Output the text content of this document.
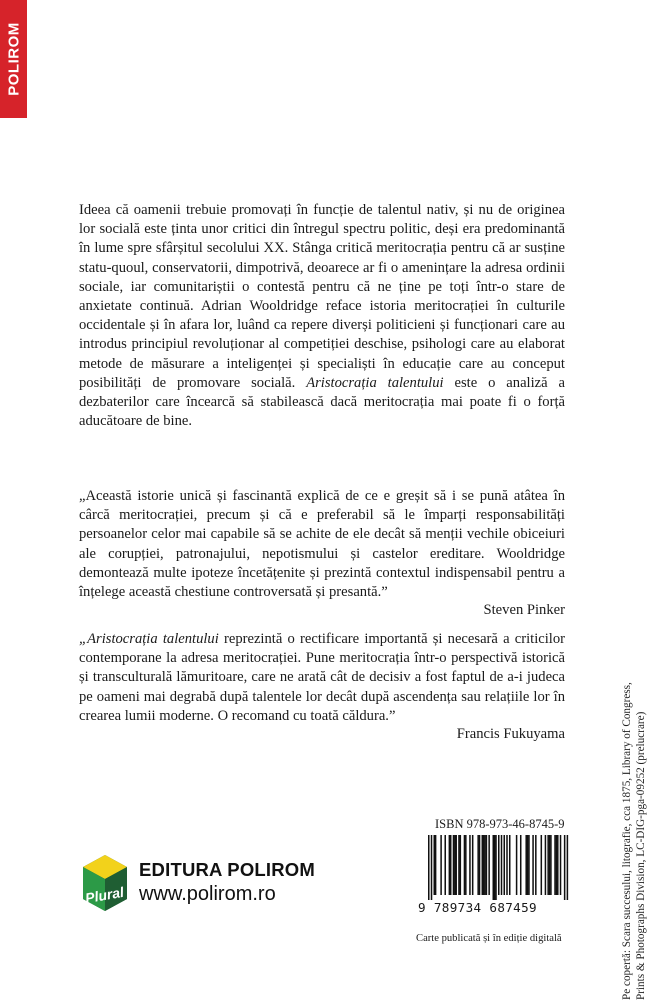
POLIROM

Ideea că oamenii trebuie promovați în funcție de talentul nativ, și nu de originea lor socială este ținta unor critici din întregul spectru politic, deși era predominantă în lume spre sfârșitul secolului XX. Stânga critică meritocrația pentru că ar susține statu-quoul, conservatorii, dimpotrivă, deoarece ar fi o amenințare la adresa ordinii sociale, iar comunitariștii o contestă pentru că ne ține pe toți într-o stare de anxietate continuă. Adrian Wooldridge reface istoria meritocrației în culturile occidentale și în afara lor, luând ca repere diverși politicieni și funcționari care au introdus principiul revoluționar al competiției deschise, psihologi care au elaborat metode de măsurare a inteligenței și specialiști în educație care au conceput posibilități de promovare socială. Aristocrația talentului este o analiză a dezbaterilor care încearcă să stabilească dacă meritocrația mai poate fi o forță aducătoare de bine.

„Această istorie unică și fascinantă explică de ce e greșit să i se pună atâtea în cârcă meritocrației, precum și că e preferabil să le împarți responsabilități persoanelor celor mai capabile să se achite de ele decât să menții vechile obiceiuri ale corupției, patronajului, nepotismului și castelor ereditare. Wooldridge demontează multe ipoteze încetățenite și prezintă contextul indispensabil pentru a înțelege această chestiune controversată și presantă.”

Steven Pinker

„Aristocrația talentului reprezintă o rectificare importantă și necesară a criticilor contemporane la adresa meritocrației. Pune meritocrația într-o perspectivă istorică și transculturală lămuritoare, care ne arată cât de decisiv a fost faptul de a-i judeca pe oameni mai degrabă după talentele lor decât după ascendența sau relațiile lor în crearea lumii moderne. O recomand cu toată căldura.”

Francis Fukuyama	Pe copertă: Scara succesului, litografie, cca 1875, Library of Congress, Prints & Photographs Division, LC-DIG-pga-09252 (prelucrare)
Plural
EDITURA POLIROM
www.polirom.ro
ISBN 978-973-46-8745-9
9 789734 687459
Carte publicată și în ediție digitală
